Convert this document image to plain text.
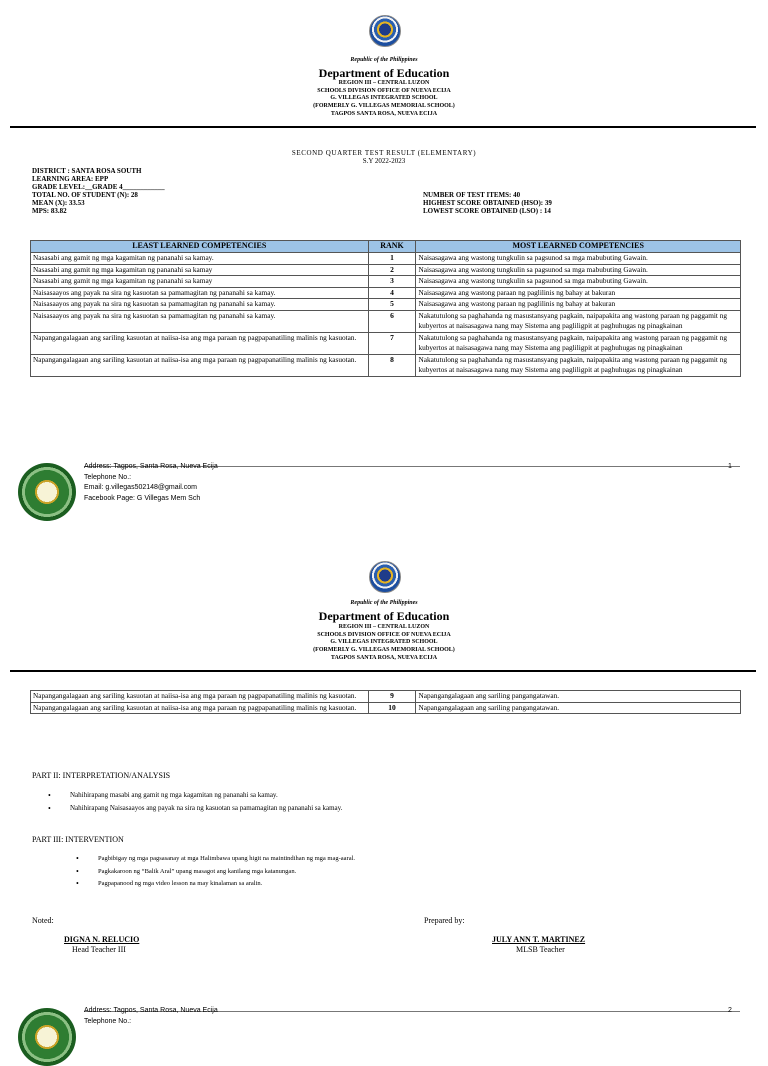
Republic of the Philippines
Department of Education
REGION III – CENTRAL LUZON
SCHOOLS DIVISION OFFICE OF NUEVA ECIJA
G. VILLEGAS INTEGRATED SCHOOL
(FORMERLY G. VILLEGAS MEMORIAL SCHOOL)
TAGPOS SANTA ROSA, NUEVA ECIJA
SECOND QUARTER TEST RESULT (ELEMENTARY)
S.Y 2022-2023
DISTRICT : SANTA ROSA SOUTH
LEARNING AREA: EPP
GRADE LEVEL:__GRADE 4____________
TOTAL NO. OF STUDENT (N): 28
MEAN (X): 33.53
MPS: 83.82
NUMBER OF TEST ITEMS: 40
HIGHEST SCORE OBTAINED (HSO): 39
LOWEST SCORE OBTAINED (LSO) : 14
LEAST LEARNED COMPETENCIES	RANK	MOST LEARNED COMPETENCIES
Nasasabi ang gamit ng mga kagamitan ng pananahi sa kamay.	1	Naisasagawa ang wastong tungkulin sa pagsunod sa mga mabubuting Gawain.
Nasasabi ang gamit ng mga kagamitan ng pananahi sa kamay	2	Naisasagawa ang wastong tungkulin sa pagsunod sa mga mabubuting Gawain.
Nasasabi ang gamit ng mga kagamitan ng pananahi sa kamay	3	Naisasagawa ang wastong tungkulin sa pagsunod sa mga mabubuting Gawain.
Naisasaayos ang payak na sira ng kasuotan sa pamamagitan ng pananahi sa kamay.	4	Naisasagawa ang wastong paraan ng paglilinis ng bahay at bakuran
Naisasaayos ang payak na sira ng kasuotan sa pamamagitan ng pananahi sa kamay.	5	Naisasagawa ang wastong paraan ng paglilinis ng bahay at bakuran
Naisasaayos ang payak na sira ng kasuotan sa pamamagitan ng pananahi sa kamay.	6	Nakatutulong sa paghahanda ng masustansyang pagkain, naipapakita ang wastong paraan ng paggamit ng kubyertos at naisasagawa nang may Sistema ang pagliligpit at paghuhugas ng pinagkainan
Napangangalagaan ang sariling kasuotan at naiisa-isa ang mga paraan ng pagpapanatiling malinis ng kasuotan.	7	Nakatutulong sa paghahanda ng masustansyang pagkain, naipapakita ang wastong paraan ng paggamit ng kubyertos at naisasagawa nang may Sistema ang pagliligpit at paghuhugas ng pinagkainan
Napangangalagaan ang sariling kasuotan at naiisa-isa ang mga paraan ng pagpapanatiling malinis ng kasuotan.	8	Nakatutulong sa paghahanda ng masustansyang pagkain, naipapakita ang wastong paraan ng paggamit ng kubyertos at naisasagawa nang may Sistema ang pagliligpit at paghuhugas ng pinagkainan
1
Address: Tagpos, Santa Rosa, Nueva Ecija
Telephone No.:
Email: g.villegas502148@gmail.com
Facebook Page: G Villegas Mem Sch
Republic of the Philippines
Department of Education
REGION III – CENTRAL LUZON
SCHOOLS DIVISION OFFICE OF NUEVA ECIJA
G. VILLEGAS INTEGRATED SCHOOL
(FORMERLY G. VILLEGAS MEMORIAL SCHOOL)
TAGPOS SANTA ROSA, NUEVA ECIJA
Napangangalagaan ang sariling kasuotan at naiisa-isa ang mga paraan ng pagpapanatiling malinis ng kasuotan.	9	Napangangalagaan ang sariling pangangatawan.
Napangangalagaan ang sariling kasuotan at naiisa-isa ang mga paraan ng pagpapanatiling malinis ng kasuotan.	10	Napangangalagaan ang sariling pangangatawan.
PART II: INTERPRETATION/ANALYSIS
• Nahihirapang masabi ang gamit ng mga kagamitan ng pananahi sa kamay.
• Nahihirapang Naisasaayos ang payak na sira ng kasuotan sa pamamagitan ng pananahi sa kamay.
PART III: INTERVENTION
• Pagbibigay ng mga pagsasanay at mga Halimbawa upang higit na maintindihan ng mga mag-aaral.
• Pagkakaroon ng “Balik Aral” upang masagot ang kanilang mga katanungan.
• Pagpapanood ng mga video lesson na may kinalaman sa aralin.
Noted:	Prepared by:
DIGNA N. RELUCIO
Head Teacher III
JULY ANN T. MARTINEZ
MLSB Teacher
2
Address: Tagpos, Santa Rosa, Nueva Ecija
Telephone No.:
